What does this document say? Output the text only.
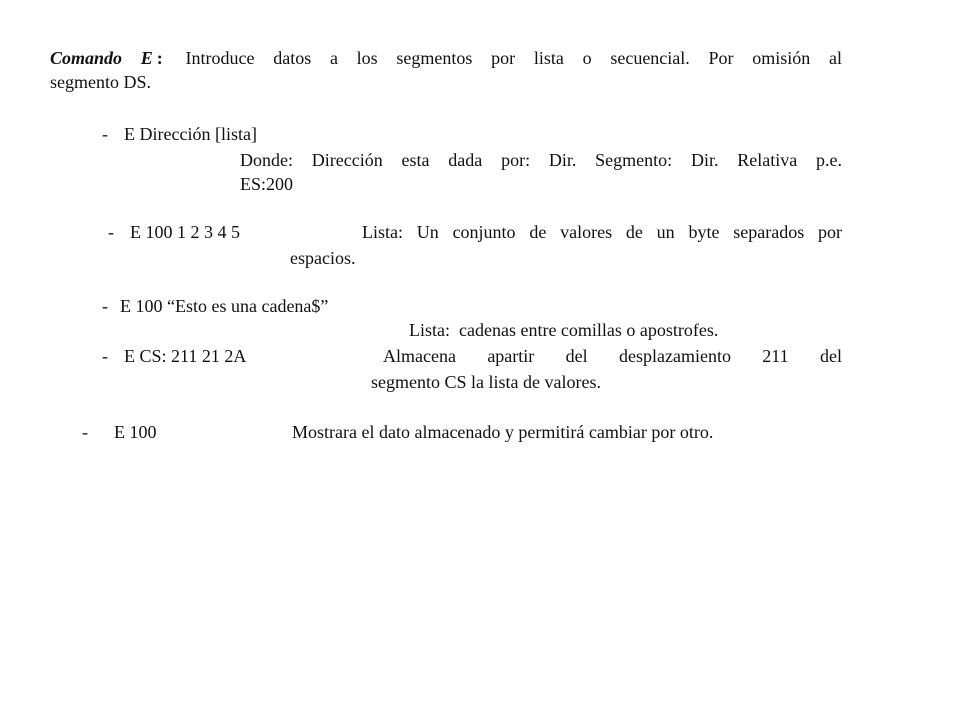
Comando E : Introduce datos a los segmentos por lista o secuencial. Por omisión al
segmento DS.
- E Dirección [lista]
Donde: Dirección esta dada por: Dir. Segmento: Dir. Relativa p.e.
ES:200
- E 100 1 2 3 4 5	Lista: Un conjunto de valores de un byte separados por
espacios.
- E 100 “Esto es una cadena$”

Lista:  cadenas entre comillas o apostrofes.

- E CS: 211 21 2A	Almacena apartir del desplazamiento 211 del
segmento CS la lista de valores.
- E 100	Mostrara el dato almacenado y permitirá cambiar por otro.
